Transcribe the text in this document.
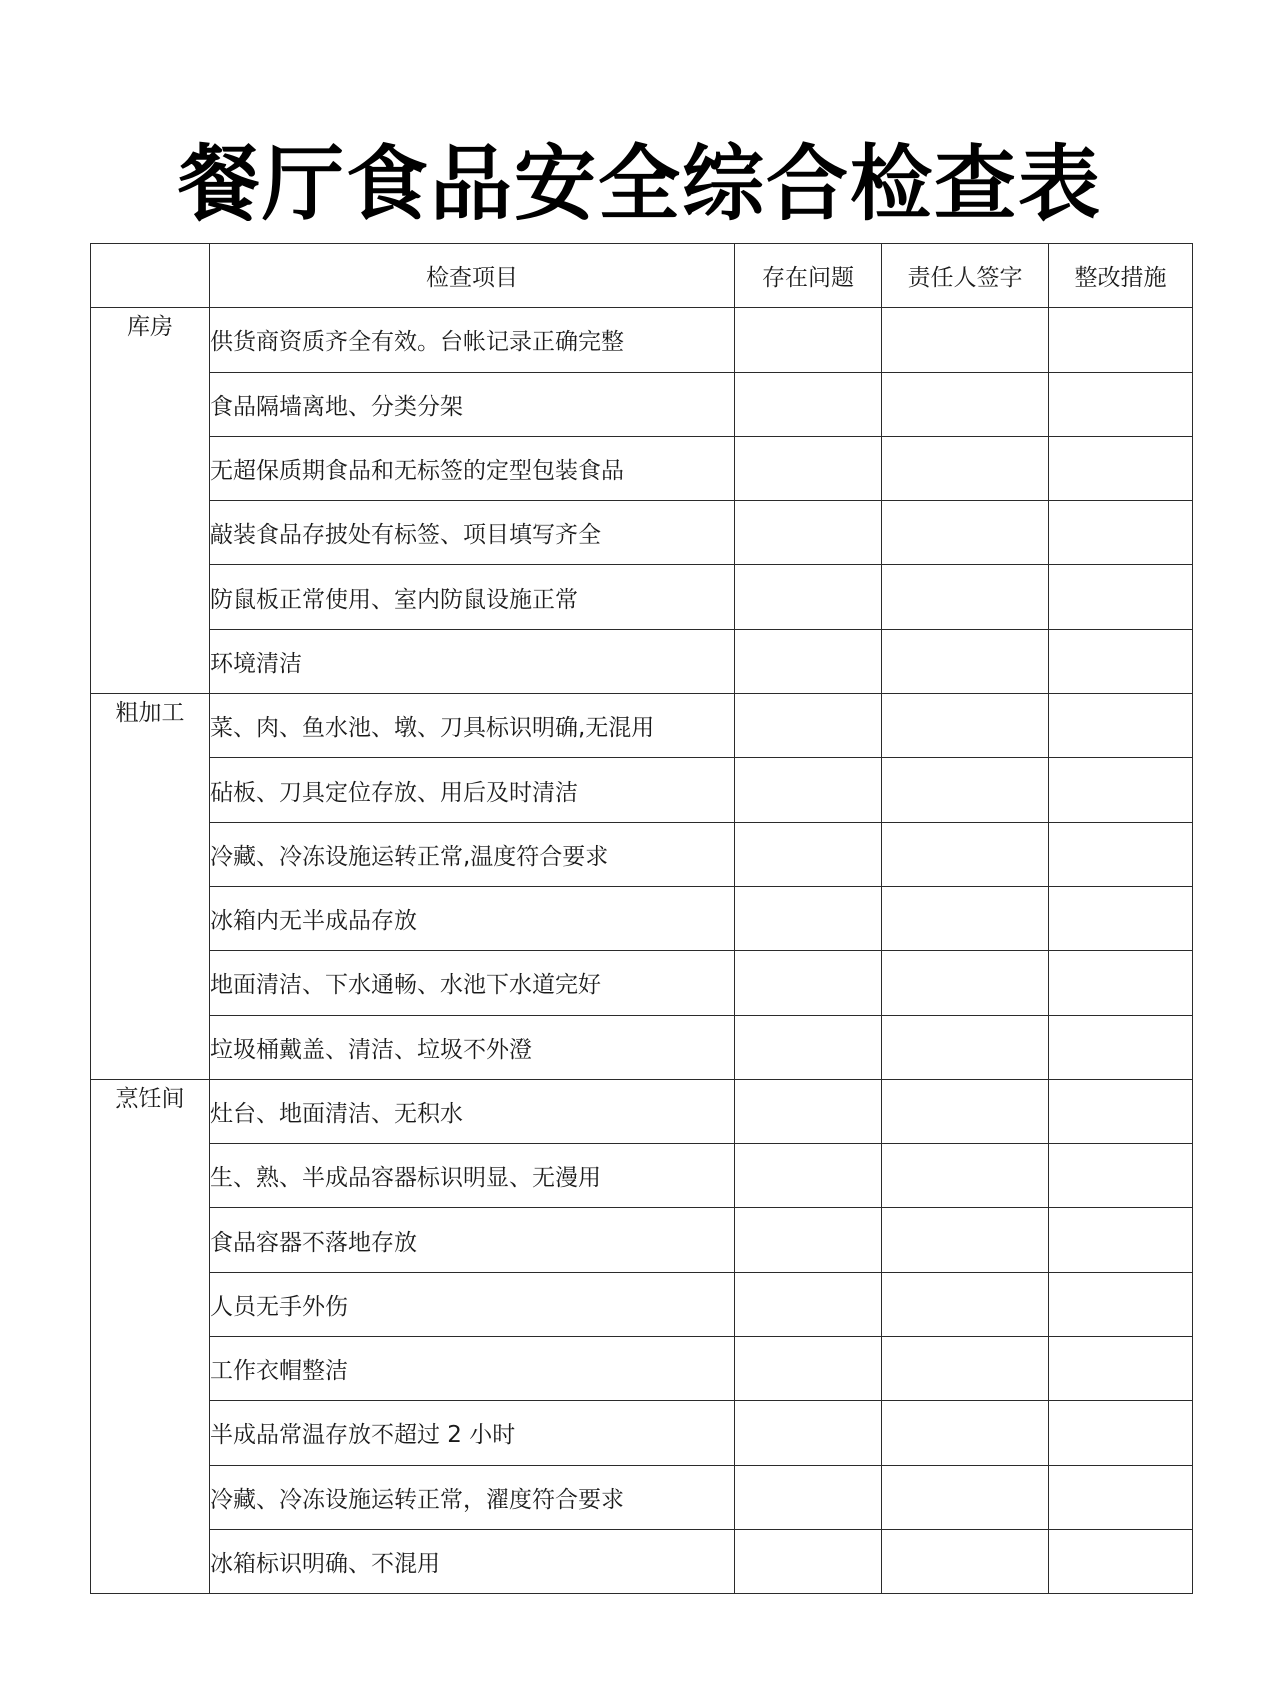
餐厅食品安全综合检查表
	检查项目	存在问题	责任人签字	整改措施
库房	供货商资质齐全有效。台帐记录正确完整			
	食品隔墙离地、分类分架			
	无超保质期食品和无标签的定型包装食品			
	敲装食品存披处有标签、项目填写齐全			
	防鼠板正常使用、室内防鼠设施正常			
	环境清洁			
粗加工	菜、肉、鱼水池、墩、刀具标识明确,无混用			
	砧板、刀具定位存放、用后及时清洁			
	冷藏、冷冻设施运转正常,温度符合要求			
	冰箱内无半成品存放			
	地面清洁、下水通畅、水池下水道完好			
	垃圾桶戴盖、清洁、垃圾不外澄			
烹饪间	灶台、地面清洁、无积水			
	生、熟、半成品容器标识明显、无漫用			
	食品容器不落地存放			
	人员无手外伤			
	工作衣帽整洁			
	半成品常温存放不超过 2 小时			
	冷藏、冷冻设施运转正常，濯度符合要求			
	冰箱标识明确、不混用			
